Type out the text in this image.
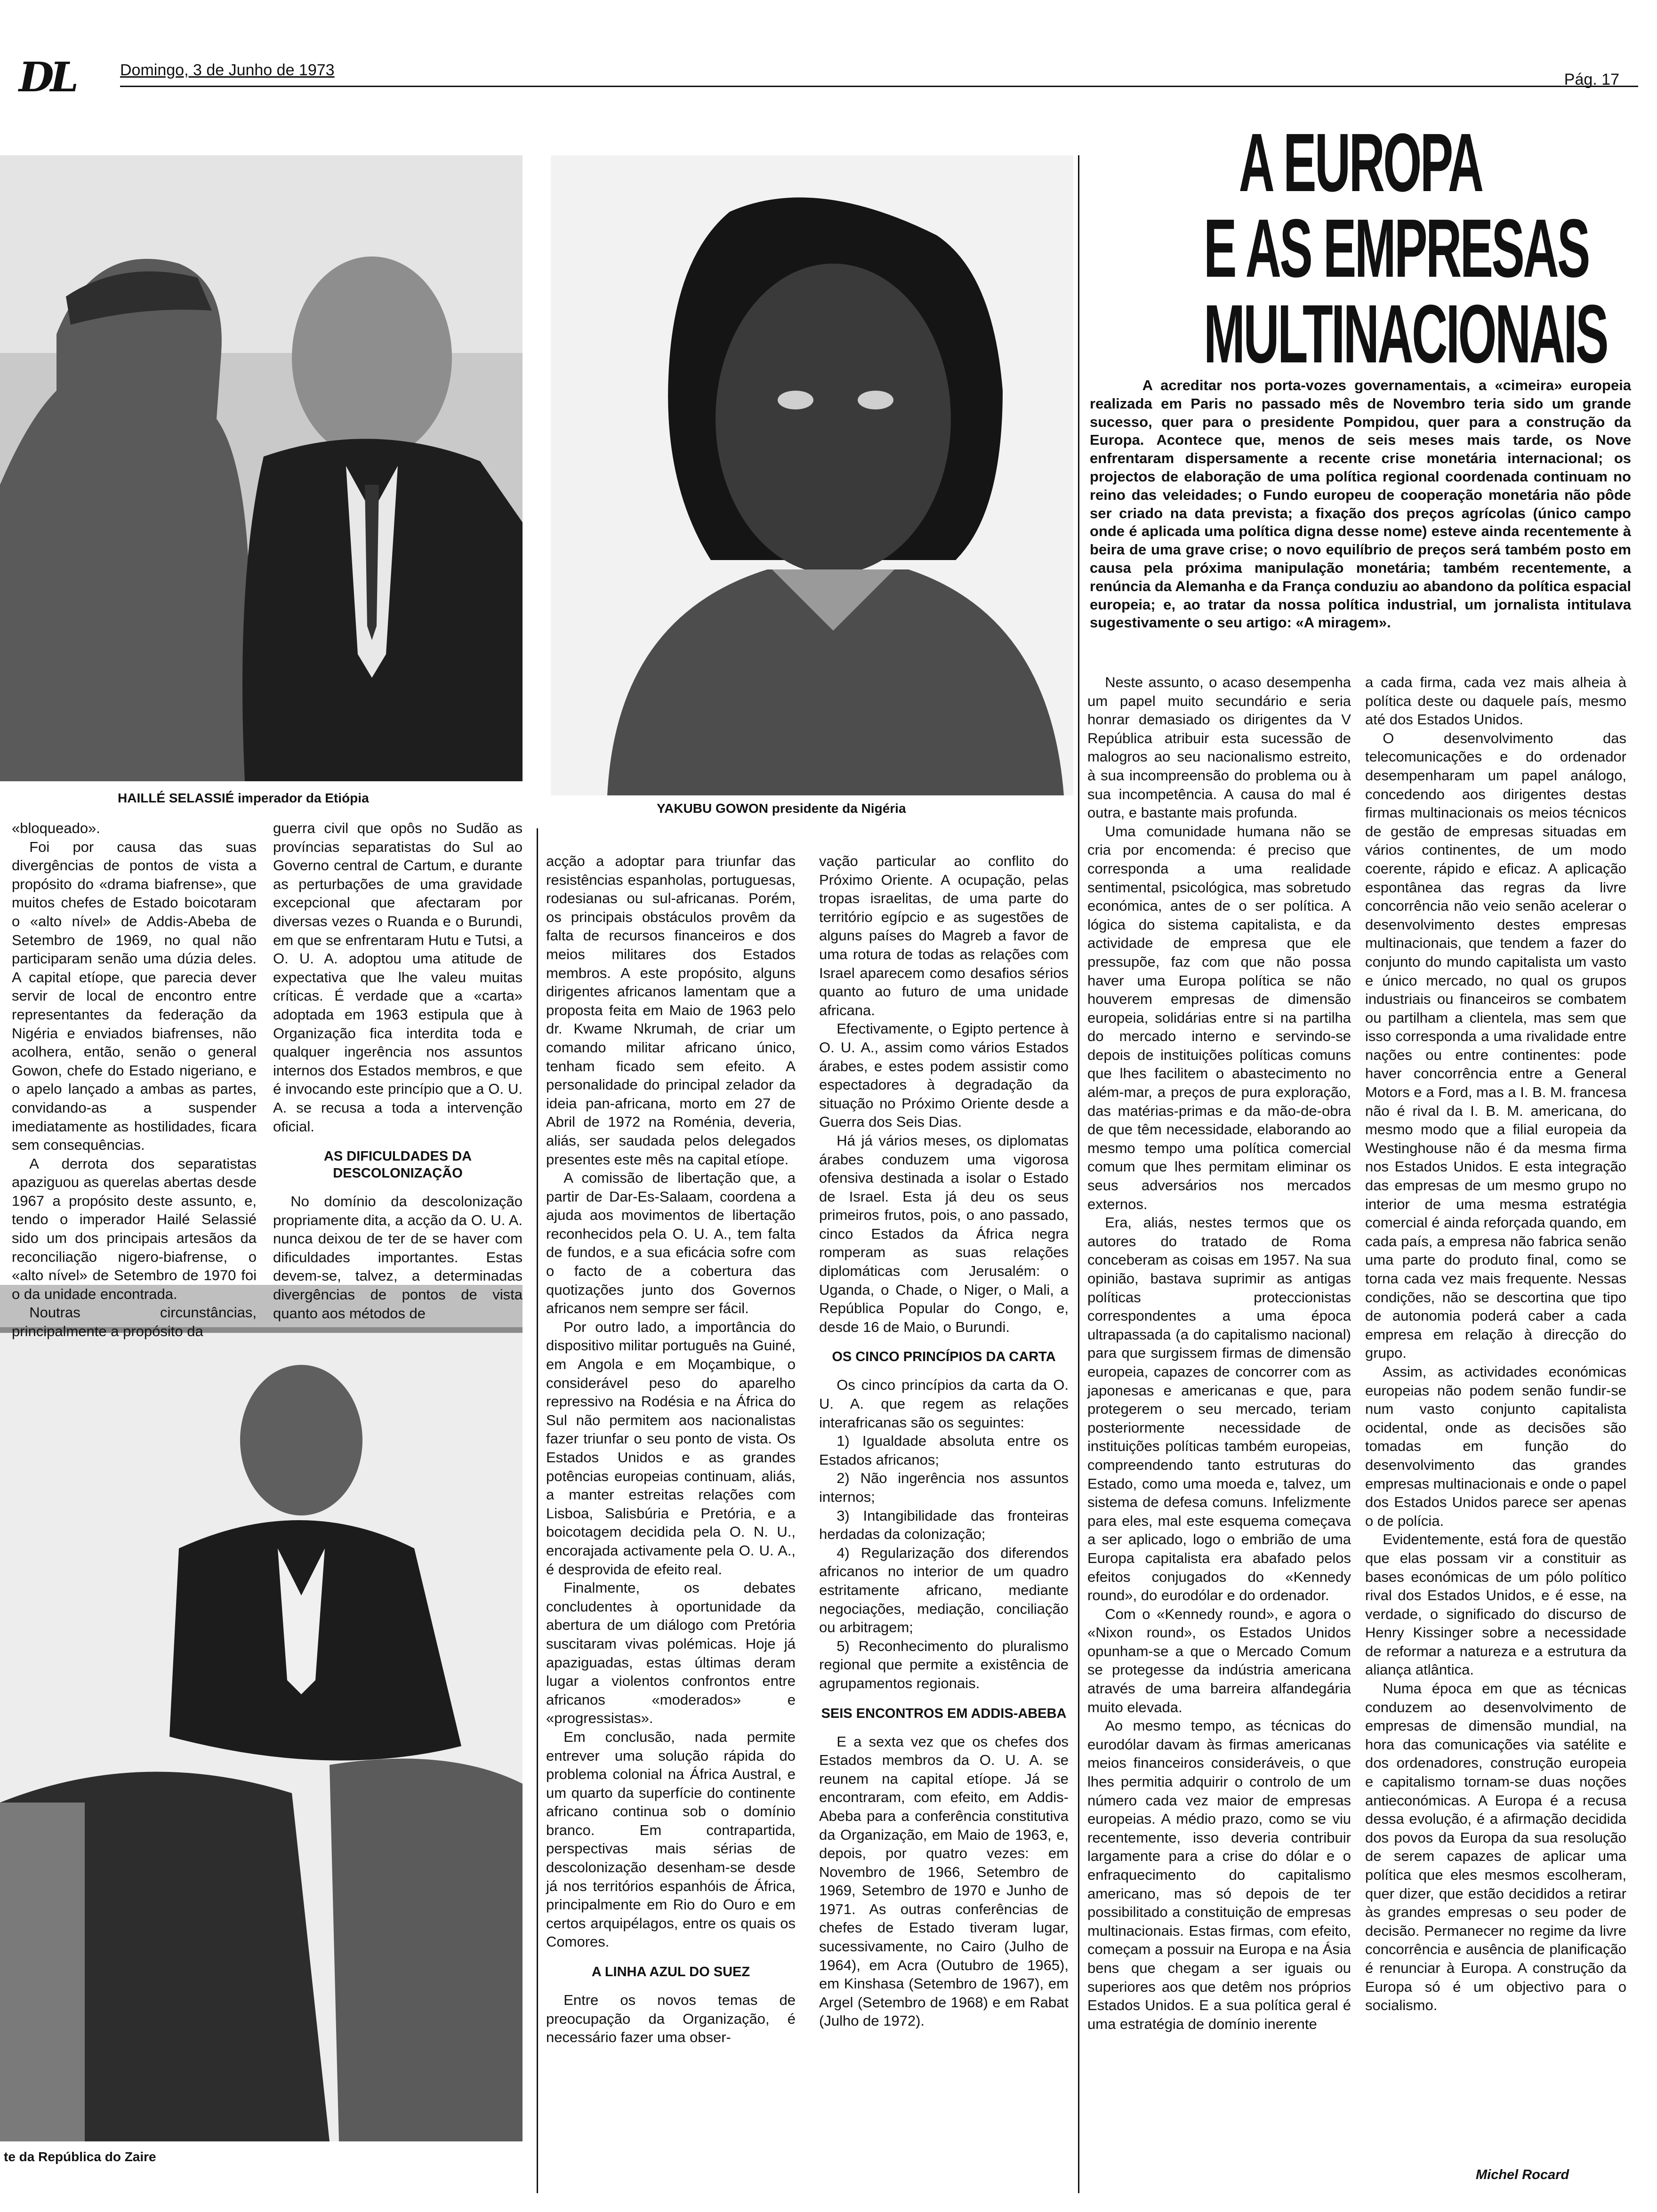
DL	Domingo, 3 de Junho de 1973
Pág. 17
HAILLÉ SELASSIÉ imperador da Etiópia
YAKUBU GOWON presidente da Nigéria
te da República do Zaire

«bloqueado».

Foi por causa das suas divergências de pontos de vista a propósito do «drama biafrense», que muitos chefes de Estado boicotaram o «alto nível» de Addis-Abeba de Setembro de 1969, no qual não participaram senão uma dúzia deles. A capital etíope, que parecia dever servir de local de encontro entre representantes da federação da Nigéria e enviados biafrenses, não acolhera, então, senão o general Gowon, chefe do Estado nigeriano, e o apelo lançado a ambas as partes, convidando-as a suspender imediatamente as hostilidades, ficara sem consequências.

A derrota dos separatistas apaziguou as querelas abertas desde 1967 a propósito deste assunto, e, tendo o imperador Hailé Selassié sido um dos principais artesãos da reconciliação nigero-biafrense, o «alto nível» de Setembro de 1970 foi o da unidade encontrada.

Noutras circunstâncias, principalmente a propósito da

guerra civil que opôs no Sudão as províncias separatistas do Sul ao Governo central de Cartum, e durante as perturbações de uma gravidade excepcional que afectaram por diversas vezes o Ruanda e o Burundi, em que se enfrentaram Hutu e Tutsi, a O. U. A. adoptou uma atitude de expectativa que lhe valeu muitas críticas. É verdade que a «carta» adoptada em 1963 estipula que à Organização fica interdita toda e qualquer ingerência nos assuntos internos dos Estados membros, e que é invocando este princípio que a O. U. A. se recusa a toda a intervenção oficial.

AS DIFICULDADES DA DESCOLONIZAÇÃO

No domínio da descolonização propriamente dita, a acção da O. U. A. nunca deixou de ter de se haver com dificuldades importantes. Estas devem-se, talvez, a determinadas divergências de pontos de vista quanto aos métodos de

acção a adoptar para triunfar das resistências espanholas, portuguesas, rodesianas ou sul-africanas. Porém, os principais obstáculos provêm da falta de recursos financeiros e dos meios militares dos Estados membros. A este propósito, alguns dirigentes africanos lamentam que a proposta feita em Maio de 1963 pelo dr. Kwame Nkrumah, de criar um comando militar africano único, tenham ficado sem efeito. A personalidade do principal zelador da ideia pan-africana, morto em 27 de Abril de 1972 na Roménia, deveria, aliás, ser saudada pelos delegados presentes este mês na capital etíope.

A comissão de libertação que, a partir de Dar-Es-Salaam, coordena a ajuda aos movimentos de libertação reconhecidos pela O. U. A., tem falta de fundos, e a sua eficácia sofre com o facto de a cobertura das quotizações junto dos Governos africanos nem sempre ser fácil.

Por outro lado, a importância do dispositivo militar português na Guiné, em Angola e em Moçambique, o considerável peso do aparelho repressivo na Rodésia e na África do Sul não permitem aos nacionalistas fazer triunfar o seu ponto de vista. Os Estados Unidos e as grandes potências europeias continuam, aliás, a manter estreitas relações com Lisboa, Salisbúria e Pretória, e a boicotagem decidida pela O. N. U., encorajada activamente pela O. U. A., é desprovida de efeito real.

Finalmente, os debates concludentes à oportunidade da abertura de um diálogo com Pretória suscitaram vivas polémicas. Hoje já apaziguadas, estas últimas deram lugar a violentos confrontos entre africanos «moderados» e «progressistas».

Em conclusão, nada permite entrever uma solução rápida do problema colonial na África Austral, e um quarto da superfície do continente africano continua sob o domínio branco. Em contrapartida, perspectivas mais sérias de descolonização desenham-se desde já nos territórios espanhóis de África, principalmente em Rio do Ouro e em certos arquipélagos, entre os quais os Comores.

A LINHA AZUL DO SUEZ

Entre os novos temas de preocupação da Organização, é necessário fazer uma obser-

vação particular ao conflito do Próximo Oriente. A ocupação, pelas tropas israelitas, de uma parte do território egípcio e as sugestões de alguns países do Magreb a favor de uma rotura de todas as relações com Israel aparecem como desafios sérios quanto ao futuro de uma unidade africana.

Efectivamente, o Egipto pertence à O. U. A., assim como vários Estados árabes, e estes podem assistir como espectadores à degradação da situação no Próximo Oriente desde a Guerra dos Seis Dias.

Há já vários meses, os diplomatas árabes conduzem uma vigorosa ofensiva destinada a isolar o Estado de Israel. Esta já deu os seus primeiros frutos, pois, o ano passado, cinco Estados da África negra romperam as suas relações diplomáticas com Jerusalém: o Uganda, o Chade, o Niger, o Mali, a República Popular do Congo, e, desde 16 de Maio, o Burundi.

OS CINCO PRINCÍPIOS DA CARTA

Os cinco princípios da carta da O. U. A. que regem as relações interafricanas são os seguintes:

1) Igualdade absoluta entre os Estados africanos;

2) Não ingerência nos assuntos internos;

3) Intangibilidade das fronteiras herdadas da colonização;

4) Regularização dos diferendos africanos no interior de um quadro estritamente africano, mediante negociações, mediação, conciliação ou arbitragem;

5) Reconhecimento do pluralismo regional que permite a existência de agrupamentos regionais.

SEIS ENCONTROS EM ADDIS-ABEBA

E a sexta vez que os chefes dos Estados membros da O. U. A. se reunem na capital etíope. Já se encontraram, com efeito, em Addis-Abeba para a conferência constitutiva da Organização, em Maio de 1963, e, depois, por quatro vezes: em Novembro de 1966, Setembro de 1969, Setembro de 1970 e Junho de 1971. As outras conferências de chefes de Estado tiveram lugar, sucessivamente, no Cairo (Julho de 1964), em Acra (Outubro de 1965), em Kinshasa (Setembro de 1967), em Argel (Setembro de 1968) e em Rabat (Julho de 1972).

A EUROPA
E AS EMPRESAS
MULTINACIONAIS
A acreditar nos porta-vozes governamentais, a «cimeira» europeia realizada em Paris no passado mês de Novembro teria sido um grande sucesso, quer para o presidente Pompidou, quer para a construção da Europa. Acontece que, menos de seis meses mais tarde, os Nove enfrentaram dispersamente a recente crise monetária internacional; os projectos de elaboração de uma política regional coordenada continuam no reino das veleidades; o Fundo europeu de cooperação monetária não pôde ser criado na data prevista; a fixação dos preços agrícolas (único campo onde é aplicada uma política digna desse nome) esteve ainda recentemente à beira de uma grave crise; o novo equilíbrio de preços será também posto em causa pela próxima manipulação monetária; também recentemente, a renúncia da Alemanha e da França conduziu ao abandono da política espacial europeia; e, ao tratar da nossa política industrial, um jornalista intitulava sugestivamente o seu artigo: «A miragem».

Neste assunto, o acaso desempenha um papel muito secundário e seria honrar demasiado os dirigentes da V República atribuir esta sucessão de malogros ao seu nacionalismo estreito, à sua incompreensão do problema ou à sua incompetência. A causa do mal é outra, e bastante mais profunda.

Uma comunidade humana não se cria por encomenda: é preciso que corresponda a uma realidade sentimental, psicológica, mas sobretudo económica, antes de o ser política. A lógica do sistema capitalista, e da actividade de empresa que ele pressupõe, faz com que não possa haver uma Europa política se não houverem empresas de dimensão europeia, solidárias entre si na partilha do mercado interno e servindo-se depois de instituições políticas comuns que lhes facilitem o abastecimento no além-mar, a preços de pura exploração, das matérias-primas e da mão-de-obra de que têm necessidade, elaborando ao mesmo tempo uma política comercial comum que lhes permitam eliminar os seus adversários nos mercados externos.

Era, aliás, nestes termos que os autores do tratado de Roma conceberam as coisas em 1957. Na sua opinião, bastava suprimir as antigas políticas proteccionistas correspondentes a uma época ultrapassada (a do capitalismo nacional) para que surgissem firmas de dimensão europeia, capazes de concorrer com as japonesas e americanas e que, para protegerem o seu mercado, teriam posteriormente necessidade de instituições políticas também europeias, compreendendo tanto estruturas do Estado, como uma moeda e, talvez, um sistema de defesa comuns. Infelizmente para eles, mal este esquema começava a ser aplicado, logo o embrião de uma Europa capitalista era abafado pelos efeitos conjugados do «Kennedy round», do eurodólar e do ordenador.

Com o «Kennedy round», e agora o «Nixon round», os Estados Unidos opunham-se a que o Mercado Comum se protegesse da indústria americana através de uma barreira alfandegária muito elevada.

Ao mesmo tempo, as técnicas do eurodólar davam às firmas americanas meios financeiros consideráveis, o que lhes permitia adquirir o controlo de um número cada vez maior de empresas europeias. A médio prazo, como se viu recentemente, isso deveria contribuir largamente para a crise do dólar e o enfraquecimento do capitalismo americano, mas só depois de ter possibilitado a constituição de empresas multinacionais. Estas firmas, com efeito, começam a possuir na Europa e na Ásia bens que chegam a ser iguais ou superiores aos que detêm nos próprios Estados Unidos. E a sua política geral é uma estratégia de domínio inerente

a cada firma, cada vez mais alheia à política deste ou daquele país, mesmo até dos Estados Unidos.

O desenvolvimento das telecomunicações e do ordenador desempenharam um papel análogo, concedendo aos dirigentes destas firmas multinacionais os meios técnicos de gestão de empresas situadas em vários continentes, de um modo coerente, rápido e eficaz. A aplicação espontânea das regras da livre concorrência não veio senão acelerar o desenvolvimento destes empresas multinacionais, que tendem a fazer do conjunto do mundo capitalista um vasto e único mercado, no qual os grupos industriais ou financeiros se combatem ou partilham a clientela, mas sem que isso corresponda a uma rivalidade entre nações ou entre continentes: pode haver concorrência entre a General Motors e a Ford, mas a I. B. M. francesa não é rival da I. B. M. americana, do mesmo modo que a filial europeia da Westinghouse não é da mesma firma nos Estados Unidos. E esta integração das empresas de um mesmo grupo no interior de uma mesma estratégia comercial é ainda reforçada quando, em cada país, a empresa não fabrica senão uma parte do produto final, como se torna cada vez mais frequente. Nessas condições, não se descortina que tipo de autonomia poderá caber a cada empresa em relação à direcção do grupo.

Assim, as actividades económicas europeias não podem senão fundir-se num vasto conjunto capitalista ocidental, onde as decisões são tomadas em função do desenvolvimento das grandes empresas multinacionais e onde o papel dos Estados Unidos parece ser apenas o de polícia.

Evidentemente, está fora de questão que elas possam vir a constituir as bases económicas de um pólo político rival dos Estados Unidos, e é esse, na verdade, o significado do discurso de Henry Kissinger sobre a necessidade de reformar a natureza e a estrutura da aliança atlântica.

Numa época em que as técnicas conduzem ao desenvolvimento de empresas de dimensão mundial, na hora das comunicações via satélite e dos ordenadores, construção europeia e capitalismo tornam-se duas noções antieconómicas. A Europa é a recusa dessa evolução, é a afirmação decidida dos povos da Europa da sua resolução de serem capazes de aplicar uma política que eles mesmos escolheram, quer dizer, que estão decididos a retirar às grandes empresas o seu poder de decisão. Permanecer no regime da livre concorrência e ausência de planificação é renunciar à Europa. A construção da Europa só é um objectivo para o socialismo.

Michel Rocard
